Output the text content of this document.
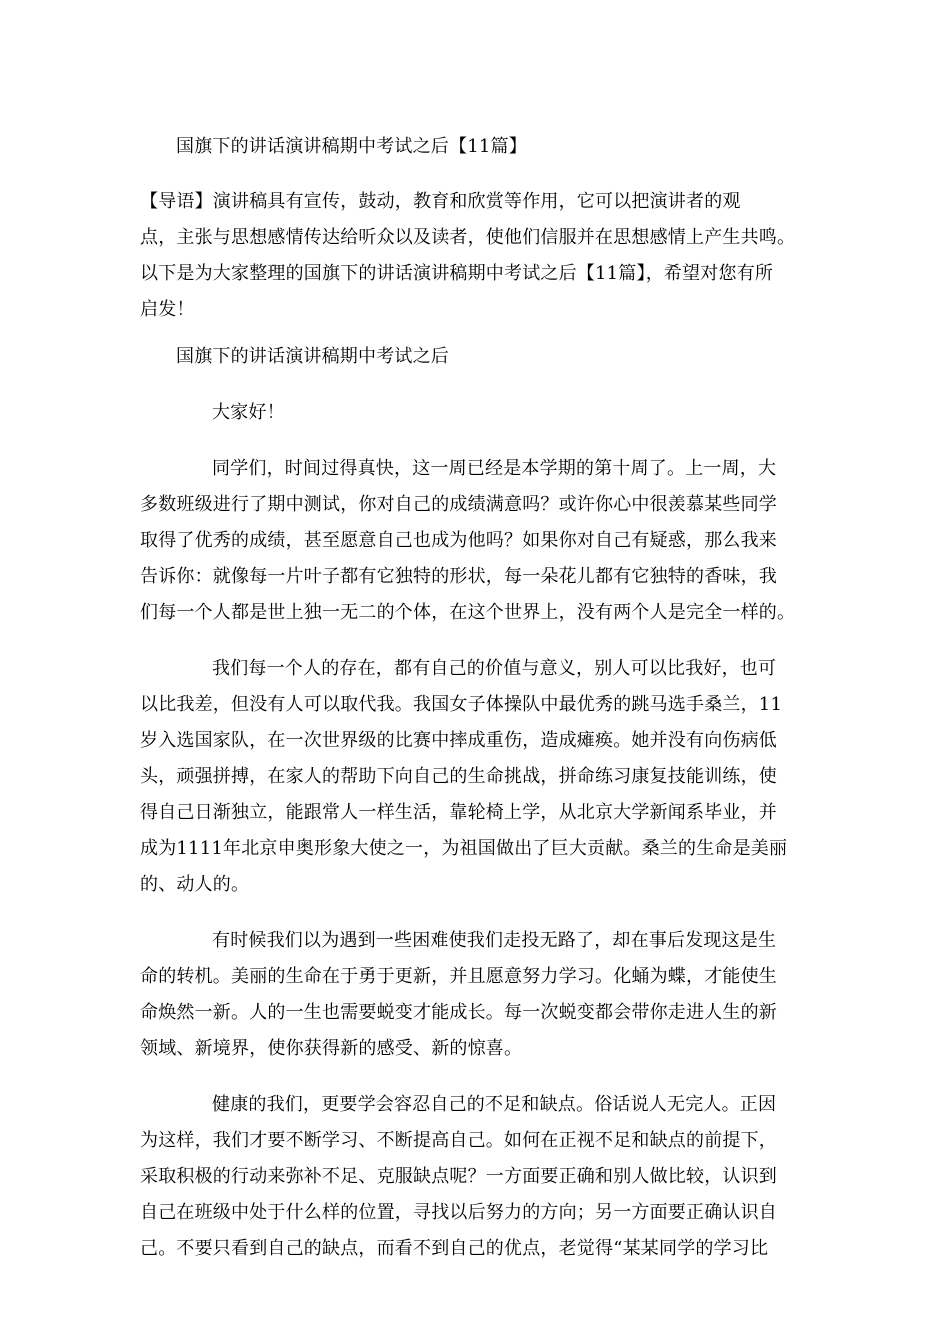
国旗下的讲话演讲稿期中考试之后【11篇】
【导语】演讲稿具有宣传，鼓动，教育和欣赏等作用，它可以把演讲者的观
点，主张与思想感情传达给听众以及读者，使他们信服并在思想感情上产生共鸣。
以下是为大家整理的国旗下的讲话演讲稿期中考试之后【11篇】，希望对您有所
启发！
国旗下的讲话演讲稿期中考试之后
大家好！
同学们，时间过得真快，这一周已经是本学期的第十周了。上一周，大
多数班级进行了期中测试，你对自己的成绩满意吗？或许你心中很羡慕某些同学
取得了优秀的成绩，甚至愿意自己也成为他吗？如果你对自己有疑惑，那么我来
告诉你：就像每一片叶子都有它独特的形状，每一朵花儿都有它独特的香味，我
们每一个人都是世上独一无二的个体，在这个世界上，没有两个人是完全一样的。
我们每一个人的存在，都有自己的价值与意义，别人可以比我好，也可
以比我差，但没有人可以取代我。我国女子体操队中最优秀的跳马选手桑兰，11
岁入选国家队，在一次世界级的比赛中摔成重伤，造成瘫痪。她并没有向伤病低
头，顽强拼搏，在家人的帮助下向自己的生命挑战，拼命练习康复技能训练，使
得自己日渐独立，能跟常人一样生活，靠轮椅上学，从北京大学新闻系毕业，并
成为1111年北京申奥形象大使之一，为祖国做出了巨大贡献。桑兰的生命是美丽
的、动人的。
有时候我们以为遇到一些困难使我们走投无路了，却在事后发现这是生
命的转机。美丽的生命在于勇于更新，并且愿意努力学习。化蛹为蝶，才能使生
命焕然一新。人的一生也需要蜕变才能成长。每一次蜕变都会带你走进人生的新
领域、新境界，使你获得新的感受、新的惊喜。
健康的我们，更要学会容忍自己的不足和缺点。俗话说人无完人。正因
为这样，我们才要不断学习、不断提高自己。如何在正视不足和缺点的前提下，
采取积极的行动来弥补不足、克服缺点呢？一方面要正确和别人做比较，认识到
自己在班级中处于什么样的位置，寻找以后努力的方向；另一方面要正确认识自
己。不要只看到自己的缺点，而看不到自己的优点，老觉得“某某同学的学习比
